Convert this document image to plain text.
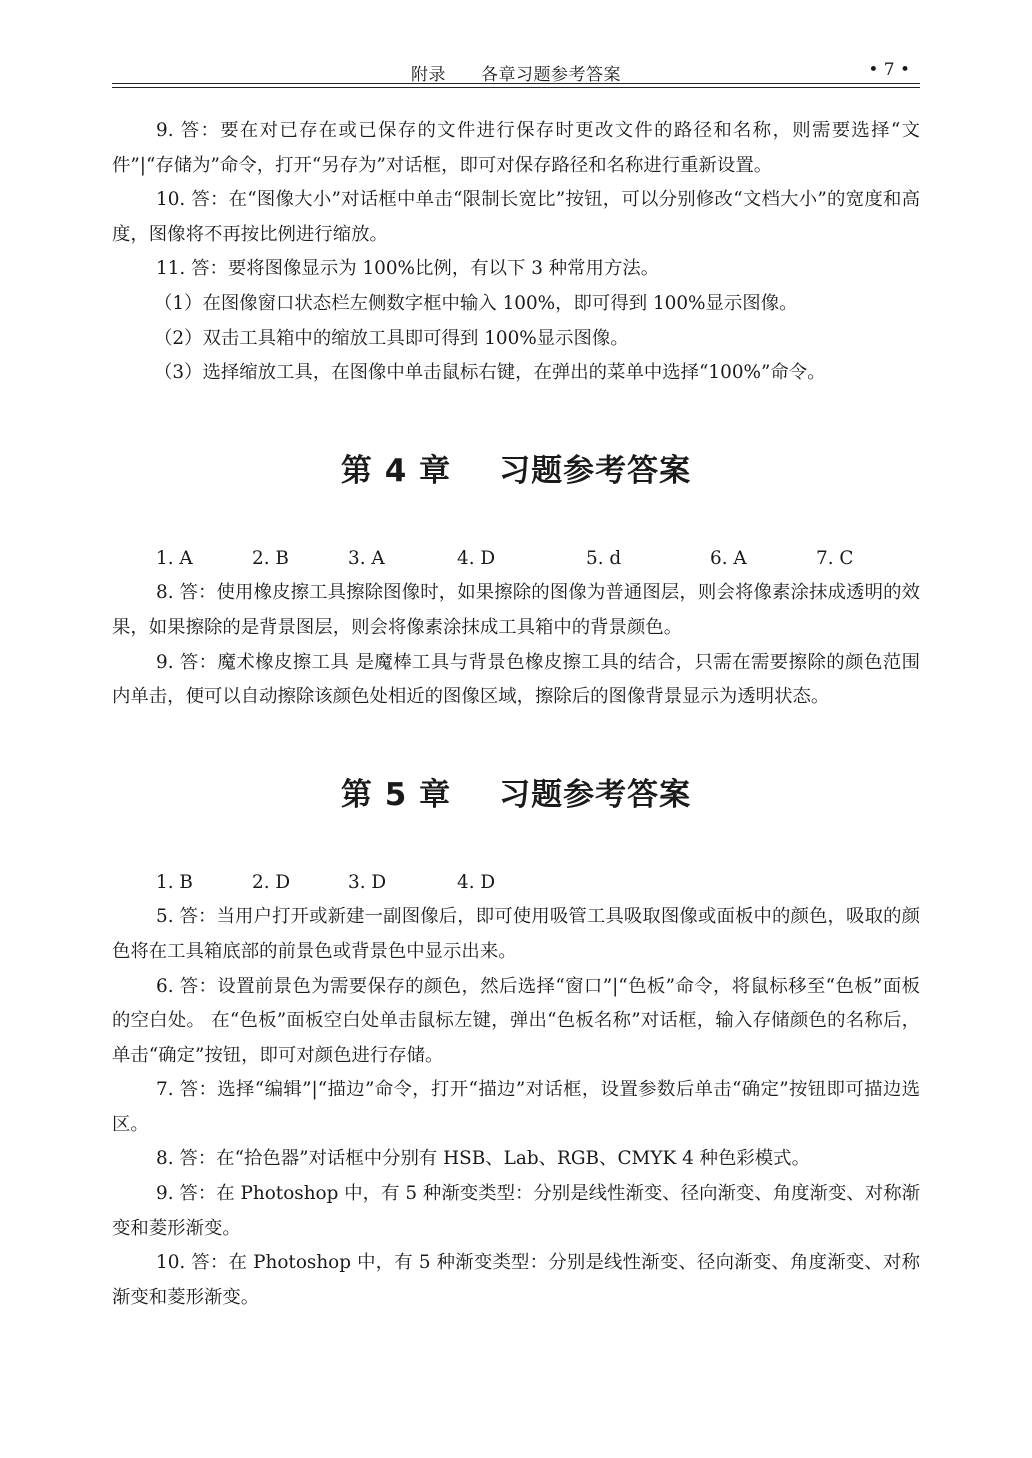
附录　　各章习题参考答案	• 7 •

9. 答：要在对已存在或已保存的文件进行保存时更改文件的路径和名称，则需要选择“文件”|“存储为”命令，打开“另存为”对话框，即可对保存路径和名称进行重新设置。

10. 答：在“图像大小”对话框中单击“限制长宽比”按钮，可以分别修改“文档大小”的宽度和高度，图像将不再按比例进行缩放。

11. 答：要将图像显示为 100%比例，有以下 3 种常用方法。

（1）在图像窗口状态栏左侧数字框中输入 100%，即可得到 100%显示图像。

（2）双击工具箱中的缩放工具即可得到 100%显示图像。

（3）选择缩放工具，在图像中单击鼠标右键，在弹出的菜单中选择“100%”命令。

第 4 章 习题参考答案
1. A	2. B	3. A	4. D	5. d	6. A	7. C

8. 答：使用橡皮擦工具擦除图像时，如果擦除的图像为普通图层，则会将像素涂抹成透明的效果，如果擦除的是背景图层，则会将像素涂抹成工具箱中的背景颜色。

9. 答：魔术橡皮擦工具 是魔棒工具与背景色橡皮擦工具的结合，只需在需要擦除的颜色范围内单击，便可以自动擦除该颜色处相近的图像区域，擦除后的图像背景显示为透明状态。

第 5 章 习题参考答案
1. B	2. D	3. D	4. D

5. 答：当用户打开或新建一副图像后，即可使用吸管工具吸取图像或面板中的颜色，吸取的颜色将在工具箱底部的前景色或背景色中显示出来。

6. 答：设置前景色为需要保存的颜色，然后选择“窗口”|“色板”命令，将鼠标移至“色板”面板的空白处。 在“色板”面板空白处单击鼠标左键，弹出“色板名称”对话框，输入存储颜色的名称后，单击“确定”按钮，即可对颜色进行存储。

7. 答：选择“编辑”|“描边”命令，打开“描边”对话框，设置参数后单击“确定”按钮即可描边选区。

8. 答：在“拾色器”对话框中分别有 HSB、Lab、RGB、CMYK 4 种色彩模式。

9. 答：在 Photoshop 中，有 5 种渐变类型：分别是线性渐变、径向渐变、角度渐变、对称渐变和菱形渐变。

10. 答：在 Photoshop 中，有 5 种渐变类型：分别是线性渐变、径向渐变、角度渐变、对称渐变和菱形渐变。
